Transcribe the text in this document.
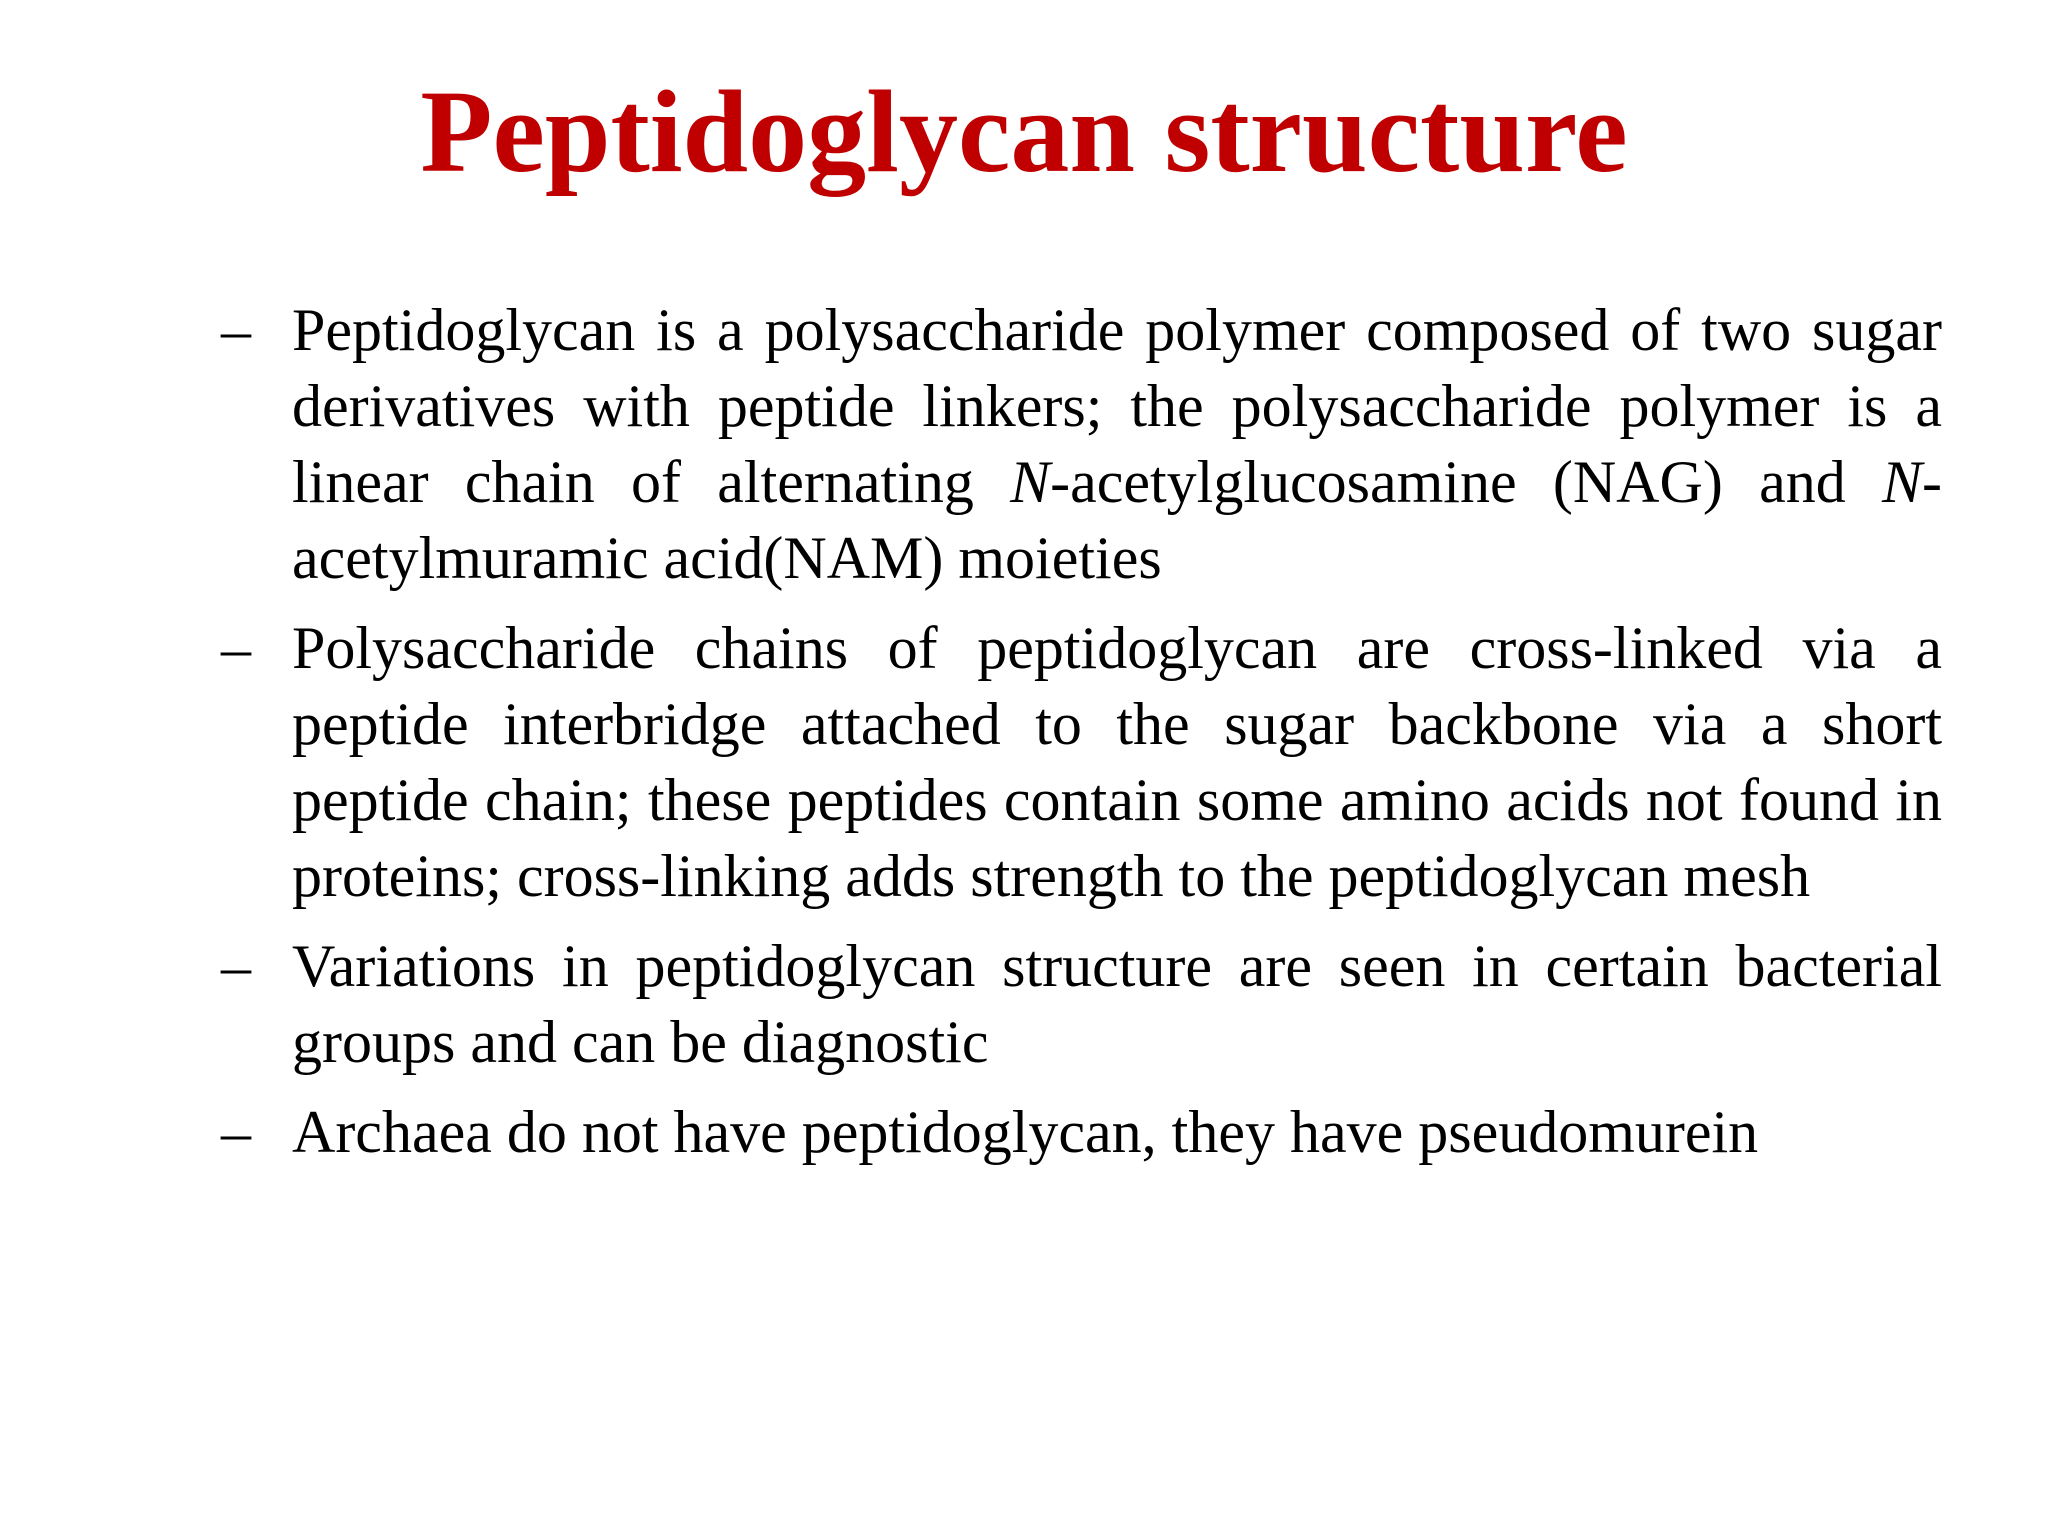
Peptidoglycan structure
– Peptidoglycan is a polysaccharide polymer composed of two sugar derivatives with peptide linkers; the polysaccharide polymer is a linear chain of alternating N-acetylglucosamine (NAG) and N-acetylmuramic acid(NAM) moieties
– Polysaccharide chains of peptidoglycan are cross-linked via a peptide interbridge attached to the sugar backbone via a short peptide chain; these peptides contain some amino acids not found in proteins; cross-linking adds strength to the peptidoglycan mesh
– Variations in peptidoglycan structure are seen in certain bacterial groups and can be diagnostic
– Archaea do not have peptidoglycan, they have pseudomurein
